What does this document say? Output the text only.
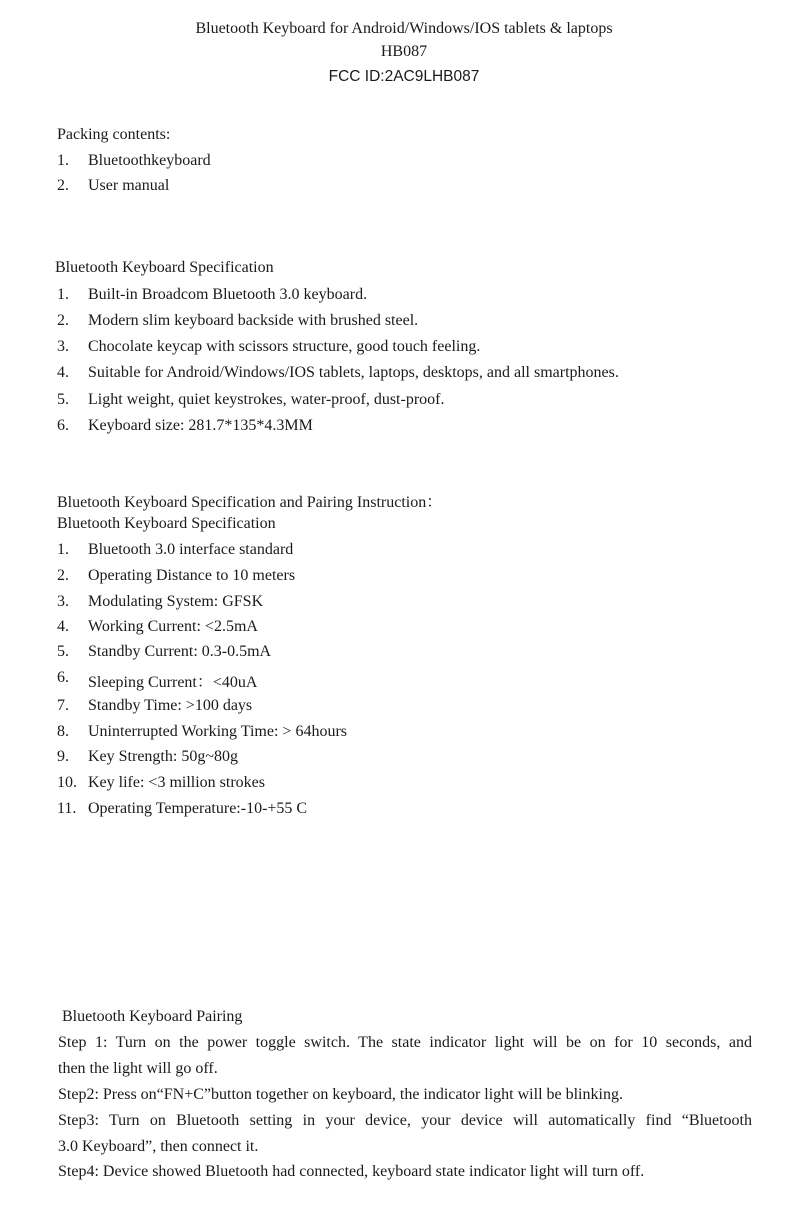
Bluetooth Keyboard for Android/Windows/IOS tablets & laptops
HB087
FCC ID:2AC9LHB087
Packing contents:
1. Bluetoothkeyboard
2. User manual
Bluetooth Keyboard Specification
1. Built-in Broadcom Bluetooth 3.0 keyboard.
2. Modern slim keyboard backside with brushed steel.
3. Chocolate keycap with scissors structure, good touch feeling.
4. Suitable for Android/Windows/IOS tablets, laptops, desktops, and all smartphones.
5. Light weight, quiet keystrokes, water-proof, dust-proof.
6. Keyboard size: 281.7*135*4.3MM
Bluetooth Keyboard Specification and Pairing Instruction：
Bluetooth Keyboard Specification
1. Bluetooth 3.0 interface standard
2. Operating Distance to 10 meters
3. Modulating System: GFSK
4. Working Current: <2.5mA
5. Standby Current: 0.3-0.5mA
6. Sleeping Current：<40uA
7. Standby Time: >100 days
8. Uninterrupted Working Time: > 64hours
9. Key Strength: 50g~80g
10. Key life: <3 million strokes
11. Operating Temperature:-10-+55 C
Bluetooth Keyboard Pairing
Step 1: Turn on the power toggle switch. The state indicator light will be on for 10 seconds, and
then the light will go off.
Step2: Press on“FN+C”button together on keyboard, the indicator light will be blinking.
Step3: Turn on Bluetooth setting in your device, your device will automatically find “Bluetooth
3.0 Keyboard”, then connect it.
Step4: Device showed Bluetooth had connected, keyboard state indicator light will turn off.
